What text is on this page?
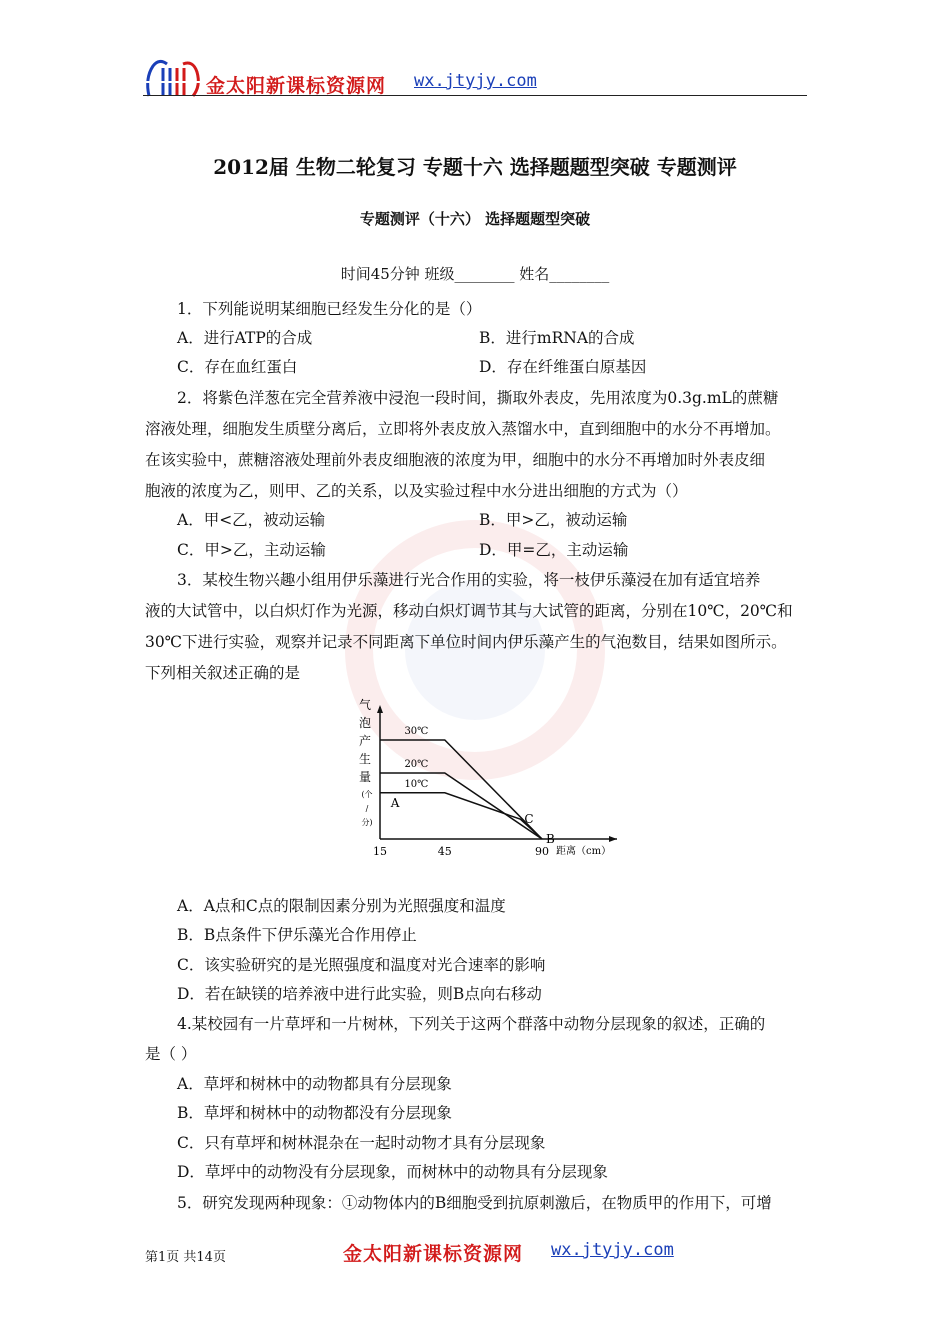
金太阳新课标资源网 wx.jtyjy.com
2012届 生物二轮复习 专题十六 选择题题型突破 专题测评
专题测评（十六） 选择题题型突破
时间45分钟 班级________ 姓名________
1．下列能说明某细胞已经发生分化的是（）
A．进行ATP的合成	B．进行mRNA的合成
C．存在血红蛋白	D．存在纤维蛋白原基因
2．将紫色洋葱在完全营养液中浸泡一段时间，撕取外表皮，先用浓度为0.3g.mL的蔗糖
溶液处理，细胞发生质壁分离后，立即将外表皮放入蒸馏水中，直到细胞中的水分不再增加。
在该实验中，蔗糖溶液处理前外表皮细胞液的浓度为甲，细胞中的水分不再增加时外表皮细
胞液的浓度为乙，则甲、乙的关系，以及实验过程中水分进出细胞的方式为（）
A．甲<乙，被动运输	B．甲>乙，被动运输
C．甲>乙，主动运输	D．甲=乙，主动运输
3．某校生物兴趣小组用伊乐藻进行光合作用的实验，将一枝伊乐藻浸在加有适宜培养
液的大试管中，以白炽灯作为光源，移动白炽灯调节其与大试管的距离，分别在10℃，20℃和
30℃下进行实验，观察并记录不同距离下单位时间内伊乐藻产生的气泡数目，结果如图所示。
下列相关叙述正确的是
气
泡
产
生
量
(个
/
分)
15	45	90 距离（cm）
30℃
20℃
10℃
A
C
B
A．A点和C点的限制因素分别为光照强度和温度
B．B点条件下伊乐藻光合作用停止
C．该实验研究的是光照强度和温度对光合速率的影响
D．若在缺镁的培养液中进行此实验，则B点向右移动
4.某校园有一片草坪和一片树林，下列关于这两个群落中动物分层现象的叙述，正确的
是（ ）
A．草坪和树林中的动物都具有分层现象
B．草坪和树林中的动物都没有分层现象
C．只有草坪和树林混杂在一起时动物才具有分层现象
D．草坪中的动物没有分层现象，而树林中的动物具有分层现象
5．研究发现两种现象：①动物体内的B细胞受到抗原刺激后，在物质甲的作用下，可增
第1页 共14页	金太阳新课标资源网 wx.jtyjy.com
